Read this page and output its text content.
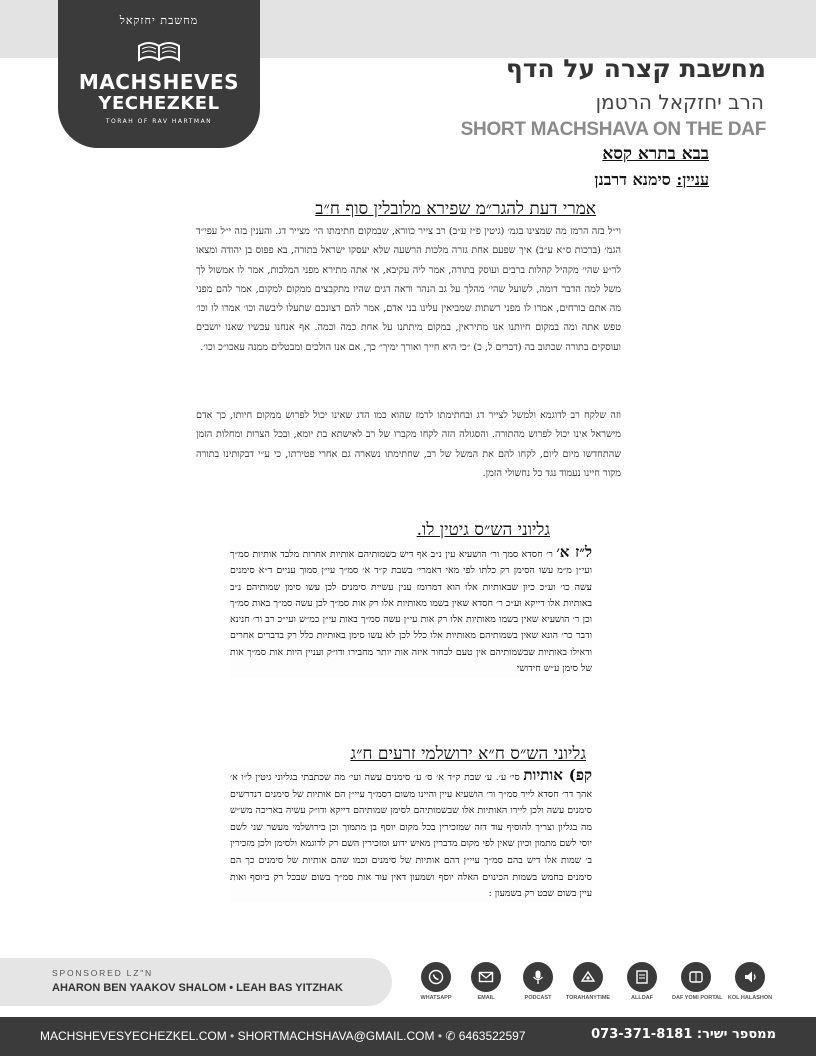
מחשבת יחזקאל
MACHSHEVES
YECHEZKEL
TORAH OF RAV HARTMAN
מחשבת קצרה על הדף
הרב יחזקאל הרטמן
SHORT MACHSHAVA ON THE DAF
בבא בתרא קסא
עניין: סימנא דרבנן
אמרי דעת להגר״מ שפירא מלובלין סוף ח״ב
וי״ל בזה הרמז מה שמצינו בגמ׳ (גיטין פ״ז ע״ב) רב צייר כוורא, שבמקום חתימתו הי׳ מצייר דג. והענין בזה י״ל עפי״ד הגמ׳ (ברכות ס״א ע״ב) איך שפעם אחת גזרה מלכות הרשעה שלא יעסקו ישראל בתורה, בא פפוס בן יהודה ומצאו לר״ע שהי׳ מקהיל קהלות ברבים ועוסק בתורה, אמר ליה עקיבא, אי אתה מתירא מפני המלכות, אמר לו אמשול לך משל למה הדבר דומה, לשועל שהי׳ מהלך על גב הנהר וראה דגים שהיו מתקבצים ממקום למקום, אמר להם מפני מה אתם בורחים, אמרו לו מפני רשתות שמביאין עלינו בני אדם, אמר להם רצונכם שתעלו ליבשה וכו׳ אמרו לו וכו׳ טפש אתה ומה במקום חיותנו אנו מתיראין, במקום מיתתנו על אחת כמה וכמה. אף אנחנו עכשיו שאנו יושבים ועוסקים בתורה שכתוב בה (דברים ל, כ) ״כי היא חייך ואורך ימיך״ כך, אם אנו הולכים ומבטלים ממנה עאכו״כ וכו׳.
וזה שלקח רב לדוגמא ולמשל לצייר דג ובחתימתו לרמז שהוא כמו הדג שאינו יכול לפרוש ממקום חיותו, כך אדם מישראל אינו יכול לפרוש מהתורה. והסגולה הזה לקחו מקברו של רב לאישתא בת יומא, ובכל הצרות ומחלות הזמן שהתחדשו מיום ליום, לקחו להם את המשל של רב, שחתימתו נשארה גם אחרי פטירתו, כי ע״י דבקותינו בתורה מקור חיינו נעמוד נגד כל נחשולי הזמן.
גליוני הש״ס גיטין לו.
ל״ז א׳ ר׳ חסדא סמך ור׳ הושעיא עין נ״ב אף דיש בשמותיהם אותיות אחרות מלבד אותיות סמ״ך ועי״ן מ״מ עשו הסימן רק כלתו לפי מאי דאמרי׳ בשבת ק״ד א׳ סמ״ך עי״ן סמוך עניים ד״א סימנים עשה כו׳ וע״כ כיון שבאותיות אלו הוא דמרומז ענין עשיית סימנים לכן עשו סימן שמותיהם נ״ב באותיות אלו דייקא וע״כ ר׳ חסדא שאין בשמו מאותיות אלו רק אות סמ״ך לכן עשה סמ״ך באות סמ״ך וכן ר׳ הושעיא שאין בשמו מאותיות אלו רק אות עי״ן עשה סמ״ך באות עי״ן כמ״ש ועי״כ רב ור׳ חנינא ודבר כר׳ הונא שאין בשמותיהם מאותיות אלו כלל לכן לא עשו סימן באותיות כלל רק בדברים אחרים ודאילו באותיות שבשמותיהם אין טעם לבחור איזה אות יותר מחבירו ודו״ק ועניין היות אות סמ״ך אות של סימן ע״ש חידושי
גליוני הש״ס ח״א ירושלמי זרעים ח״ג
קפ) אותיות סי׳ ע׳. ע׳ שבת ק״ד א׳ ס׳ ע׳ סימנים עשה ועי׳ מה שכתבתי בגליוני גיטין ל״ו א׳ אהך דר׳ חסדא לייר סמ״ך ור׳ הושעיא עיין והיינו משום דסמ״ך עיי״ן הם אותיות של סימנים דנדרשים סימנים עשה ולכן ליירו האותיות אלו שבשמותיהם לסימן שמותיהם דייקא ודו״ק עשיה באריכה מש״ש מה בגליון וצריך להוסיף עוד דזה שמזכירין בכל מקום יוסף בן מתמוך וכן בירושלמי מעשר שני לשם יוסי לשם מתמון וכיון שאין לפי מקום מדברין מאיש ידוע ומזכירין השם רק לדוגמא ולסימן ולכן מזכירין ב׳ שמות אלו דיש בהם סמ״ך עיי״ן דהם אותיות של סימנים וכמו שהם אותיות של סימנים כך הם סימנים בחמש בשמות הכינוים האלה יוסף ושמעון דאין עוד אות סמ״ך בשום שבכל רק ביוסף ואות עיין בשום שבט רק בשמעון :
SPONSORED LZ"N
AHARON BEN YAAKOV SHALOM • LEAH BAS YITZHAK
WHATSAPP	EMAIL	PODCAST	TORAHANYTIME	ALLDAF	DAF YOMI PORTAL KOL HALASHON
MACHSHEVESYECHEZKEL.COM • SHORTMACHSHAVA@GMAIL.COM • ✆ 6463522597	ממספר ישיר: 073-371-8181
